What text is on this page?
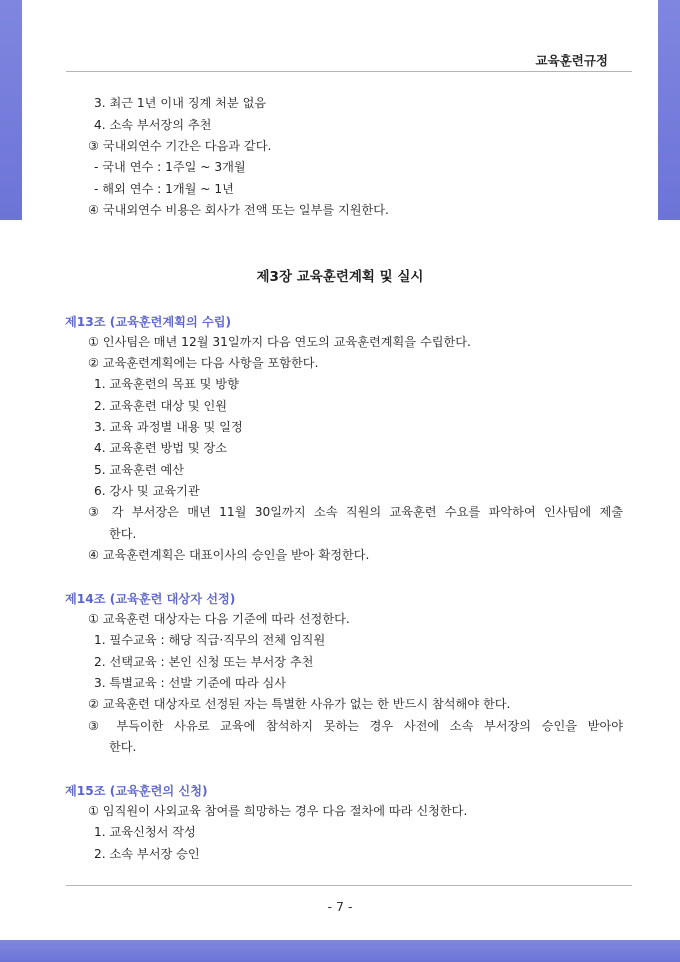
교육훈련규정
3. 최근 1년 이내 징계 처분 없음
4. 소속 부서장의 추천
③ 국내외연수 기간은 다음과 같다.
- 국내 연수 : 1주일 ~ 3개월
- 해외 연수 : 1개월 ~ 1년
④ 국내외연수 비용은 회사가 전액 또는 일부를 지원한다.
제3장 교육훈련계획 및 실시
제13조 (교육훈련계획의 수립)
① 인사팀은 매년 12월 31일까지 다음 연도의 교육훈련계획을 수립한다.
② 교육훈련계획에는 다음 사항을 포함한다.
1. 교육훈련의 목표 및 방향
2. 교육훈련 대상 및 인원
3. 교육 과정별 내용 및 일정
4. 교육훈련 방법 및 장소
5. 교육훈련 예산
6. 강사 및 교육기관
③ 각 부서장은 매년 11월 30일까지 소속 직원의 교육훈련 수요를 파악하여 인사팀에 제출
한다.
④ 교육훈련계획은 대표이사의 승인을 받아 확정한다.
제14조 (교육훈련 대상자 선정)
① 교육훈련 대상자는 다음 기준에 따라 선정한다.
1. 필수교육 : 해당 직급·직무의 전체 임직원
2. 선택교육 : 본인 신청 또는 부서장 추천
3. 특별교육 : 선발 기준에 따라 심사
② 교육훈련 대상자로 선정된 자는 특별한 사유가 없는 한 반드시 참석해야 한다.
③ 부득이한 사유로 교육에 참석하지 못하는 경우 사전에 소속 부서장의 승인을 받아야
한다.
제15조 (교육훈련의 신청)
① 임직원이 사외교육 참여를 희망하는 경우 다음 절차에 따라 신청한다.
1. 교육신청서 작성
2. 소속 부서장 승인
- 7 -
